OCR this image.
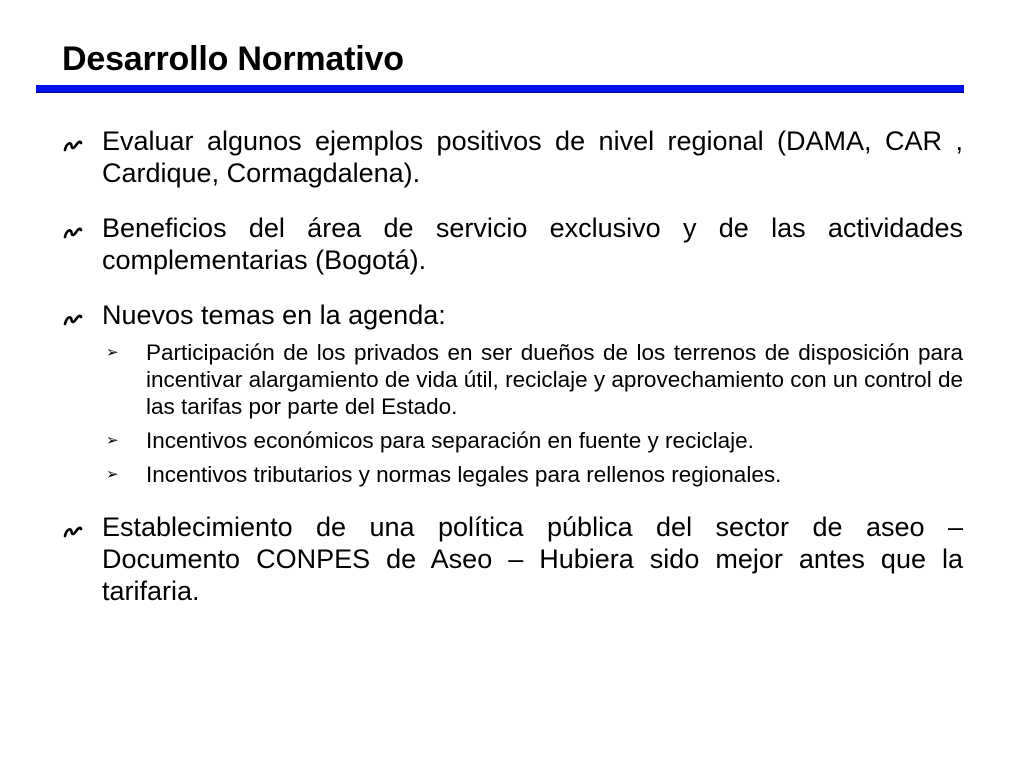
Desarrollo Normativo
Evaluar algunos ejemplos positivos de nivel regional (DAMA, CAR , Cardique, Cormagdalena).
Beneficios del área de servicio exclusivo y de las actividades complementarias (Bogotá).
Nuevos temas en la agenda:
➢ Participación de los privados en ser dueños de los terrenos de disposición para incentivar alargamiento de vida útil, reciclaje y aprovechamiento con un control de las tarifas por parte del Estado.
➢ Incentivos económicos para separación en fuente y reciclaje.
➢ Incentivos tributarios y normas legales para rellenos regionales.
Establecimiento de una política pública del sector de aseo – Documento CONPES de Aseo – Hubiera sido mejor antes que la tarifaria.
